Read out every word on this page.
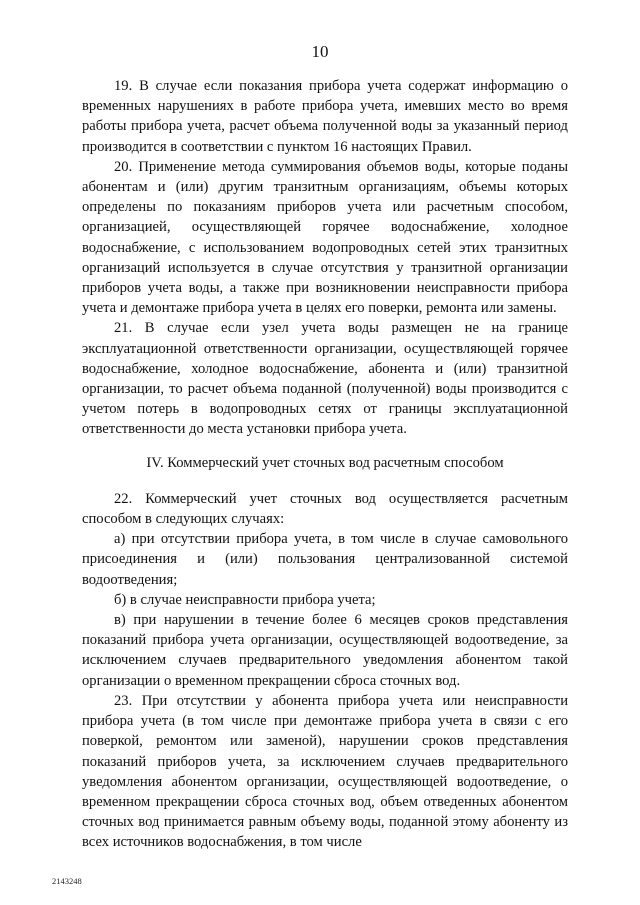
10

19. В случае если показания прибора учета содержат информацию о временных нарушениях в работе прибора учета, имевших место во время работы прибора учета, расчет объема полученной воды за указанный период производится в соответствии с пунктом 16 настоящих Правил.

20. Применение метода суммирования объемов воды, которые поданы абонентам и (или) другим транзитным организациям, объемы которых определены по показаниям приборов учета или расчетным способом, организацией, осуществляющей горячее водоснабжение, холодное водоснабжение, с использованием водопроводных сетей этих транзитных организаций используется в случае отсутствия у транзитной организации приборов учета воды, а также при возникновении неисправности прибора учета и демонтаже прибора учета в целях его поверки, ремонта или замены.

21. В случае если узел учета воды размещен не на границе эксплуатационной ответственности организации, осуществляющей горячее водоснабжение, холодное водоснабжение, абонента и (или) транзитной организации, то расчет объема поданной (полученной) воды производится с учетом потерь в водопроводных сетях от границы эксплуатационной ответственности до места установки прибора учета.

IV. Коммерческий учет сточных вод расчетным способом

22. Коммерческий учет сточных вод осуществляется расчетным способом в следующих случаях:

а) при отсутствии прибора учета, в том числе в случае самовольного присоединения и (или) пользования централизованной системой водоотведения;

б) в случае неисправности прибора учета;

в) при нарушении в течение более 6 месяцев сроков представления показаний прибора учета организации, осуществляющей водоотведение, за исключением случаев предварительного уведомления абонентом такой организации о временном прекращении сброса сточных вод.

23. При отсутствии у абонента прибора учета или неисправности прибора учета (в том числе при демонтаже прибора учета в связи с его поверкой, ремонтом или заменой), нарушении сроков представления показаний приборов учета, за исключением случаев предварительного уведомления абонентом организации, осуществляющей водоотведение, о временном прекращении сброса сточных вод, объем отведенных абонентом сточных вод принимается равным объему воды, поданной этому абоненту из всех источников водоснабжения, в том числе

2143248
